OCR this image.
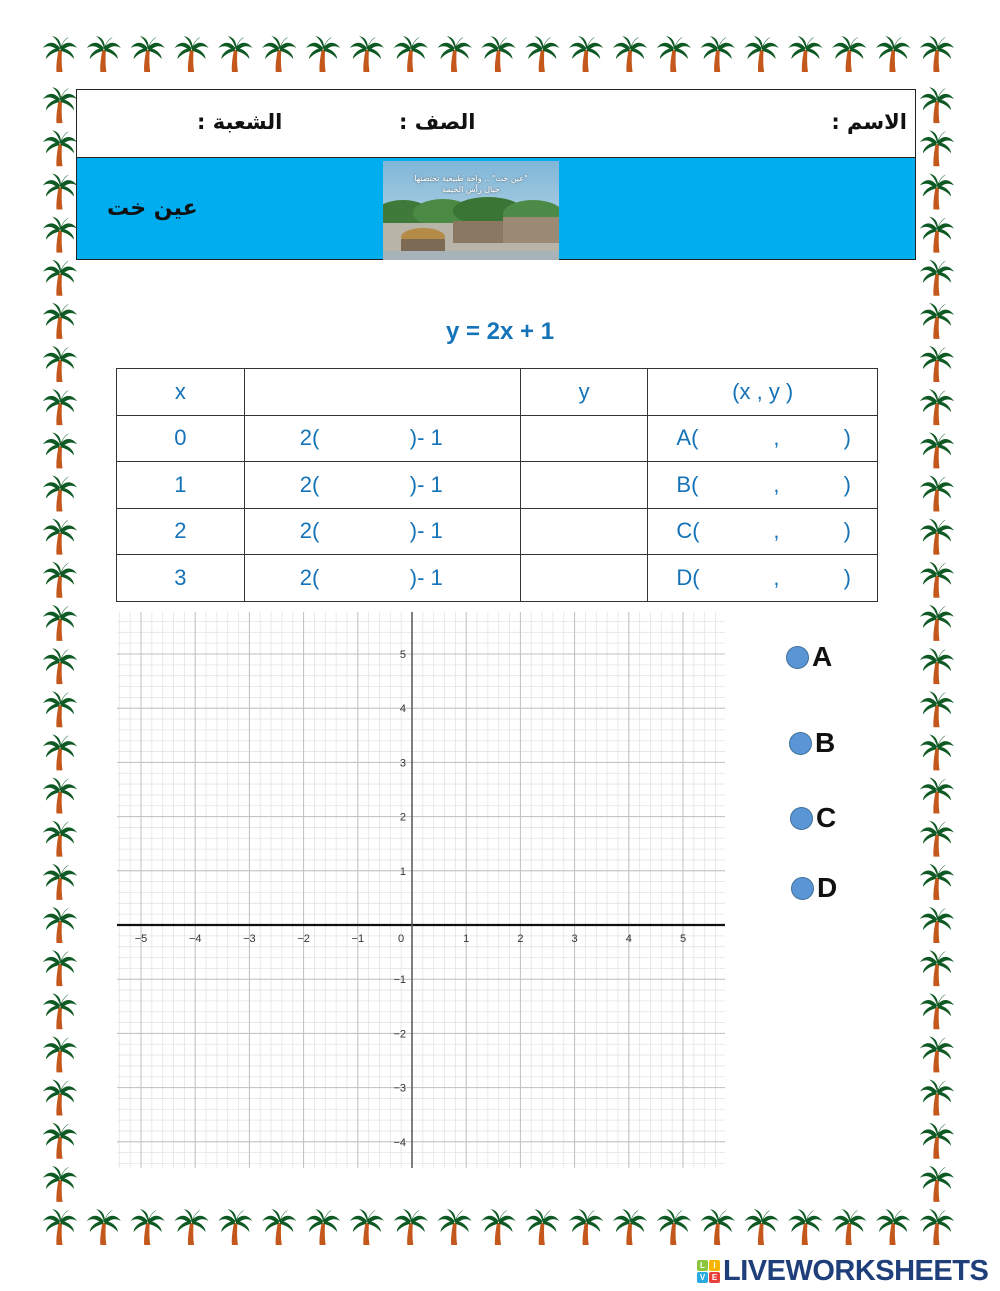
الاسم :
الصف :
الشعبة :
عين خت
"عين خت" .. واحة طبيعية تحتضنها
جبال رأس الخيمة
y = 2x + 1
x		y	(x , y )
0	2( )- 1		A( , )

1	2( )- 1		B( , )

2	2( )- 1		C( , )

3	2( )- 1		D( , )
−5	−4	−3	−2	−1	0	1	2	3	4	5
5
4
3
2
1
−1
−2
−3
−4
A
B
C
D
L	I
V E LIVEWORKSHEETS
